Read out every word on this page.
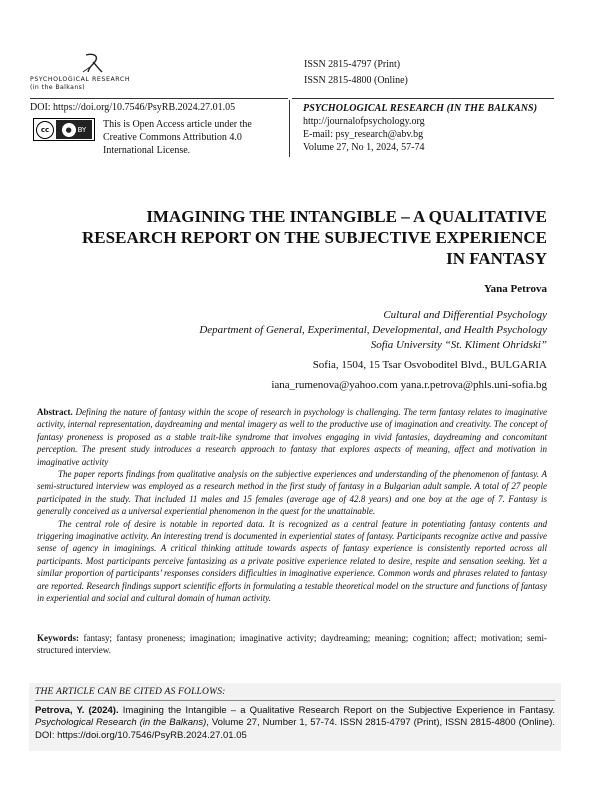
PSYCHOLOGICAL RESEARCH
(in the Balkans)
ISSN 2815-4797 (Print)
ISSN 2815-4800 (Online)
DOI: https://doi.org/10.7546/PsyRB.2024.27.01.05
cc	● BY This is Open Access article under the Creative Commons Attribution 4.0 International License.
PSYCHOLOGICAL RESEARCH (IN THE BALKANS)
http://journalofpsychology.org
E-mail: psy_research@abv.bg
Volume 27, No 1, 2024, 57-74
IMAGINING THE INTANGIBLE – A QUALITATIVE RESEARCH REPORT ON THE SUBJECTIVE EXPERIENCE IN FANTASY
Yana Petrova
Cultural and Differential Psychology
Department of General, Experimental, Developmental, and Health Psychology
Sofia University “St. Kliment Ohridski”
Sofia, 1504, 15 Tsar Osvoboditel Blvd., BULGARIA
iana_rumenova@yahoo.com yana.r.petrova@phls.uni-sofia.bg

Abstract. Defining the nature of fantasy within the scope of research in psychology is challenging. The term fantasy relates to imaginative activity, internal representation, daydreaming and mental imagery as well to the productive use of imagination and creativity. The concept of fantasy proneness is proposed as a stable trait-like syndrome that involves engaging in vivid fantasies, daydreaming and concomitant perception. The present study introduces a research approach to fantasy that explores aspects of meaning, affect and motivation in imaginative activity

The paper reports findings from qualitative analysis on the subjective experiences and understanding of the phenomenon of fantasy. A semi-structured interview was employed as a research method in the first study of fantasy in a Bulgarian adult sample. A total of 27 people participated in the study. That included 11 males and 15 females (average age of 42.8 years) and one boy at the age of 7. Fantasy is generally conceived as a universal experiential phenomenon in the quest for the unattainable.

The central role of desire is notable in reported data. It is recognized as a central feature in potentiating fantasy contents and triggering imaginative activity. An interesting trend is documented in experiential states of fantasy. Participants recognize active and passive sense of agency in imaginings. A critical thinking attitude towards aspects of fantasy experience is consistently reported across all participants. Most participants perceive fantasizing as a private positive experience related to desire, respite and sensation seeking. Yet a similar proportion of participants’ responses considers difficulties in imaginative experience. Common words and phrases related to fantasy are reported. Research findings support scientific efforts in formulating a testable theoretical model on the structure and functions of fantasy in experiential and social and cultural domain of human activity.

Keywords: fantasy; fantasy proneness; imagination; imaginative activity; daydreaming; meaning; cognition; affect; motivation; semi-structured interview.
THE ARTICLE CAN BE CITED AS FOLLOWS:
Petrova, Y. (2024). Imagining the Intangible – a Qualitative Research Report on the Subjective Experience in Fantasy. Psychological Research (in the Balkans), Volume 27, Number 1, 57-74. ISSN 2815-4797 (Print), ISSN 2815-4800 (Online). DOI: https://doi.org/10.7546/PsyRB.2024.27.01.05
